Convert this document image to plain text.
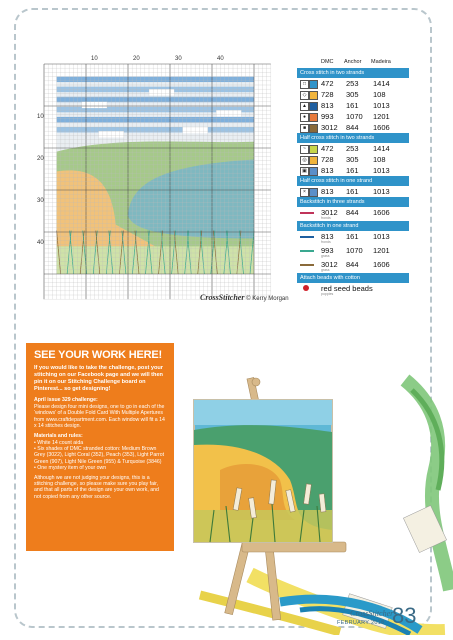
10	20	30	40
10
20
30
40
CrossStitcher © Kerry Morgan
DMC Anchor Madeira
Cross stitch in two strands
□	472 253 1414
◇	728 305 108
▲ 813 161 1013
●	993 1070 1201
■	3012 844 1606
Half cross stitch in two strands
~	472 253 1414
◎	728 305 108
▣ 813 161 1013
Half cross stitch in one strand
×	813 161 1013
Backstitch in three strands
3012 844 1606
fronds
Backstitch in one strand
813 161 1013
fronds
993 1070 1201
grass
3012 844 1606
grass
Attach beads with cotton
red seed beads
poppies
SEE YOUR WORK HERE!

If you would like to take the challenge, post your stitching on our Facebook page and we will then pin it on our Stitching Challenge board on Pinterest... so get designing!

April issue 329 challenge:

Please design four mini designs, one to go in each of the ‘windows’ of a Double Fold Card With Multiple Apertures from www.craftdepartment.com. Each window will fit a 14 x 14 stitches design.

Materials and rules:

• White 14 count aida
• Six shades of DMC stranded cotton: Medium Brown Grey (3022), Light Coral (352), Peach (353), Light Parrot Green (907), Light Nile Green (955) & Turquoise (3846)
• One mystery item of your own

Although we are not judging your designs, this is a stitching challenge, so please make sure you play fair, and that all parts of the design are your own work, and not copied from any other source.

83
CrossStitcher
FEBRUARY 2018
